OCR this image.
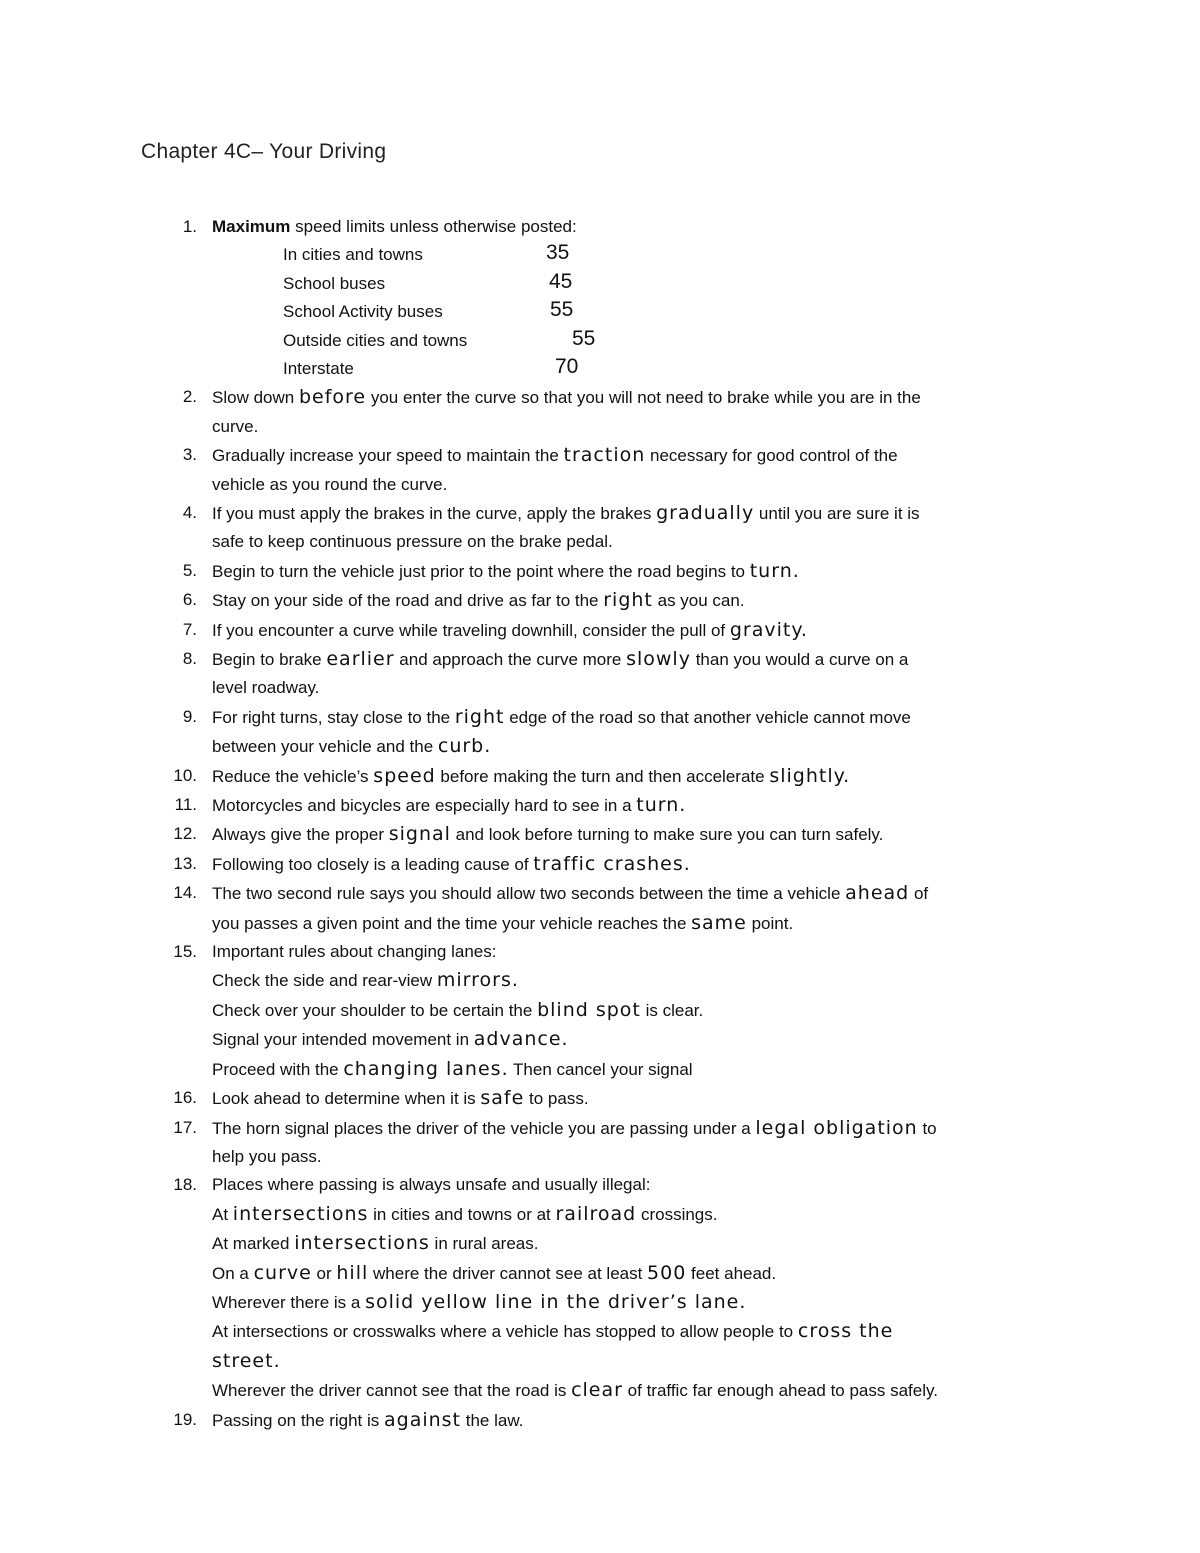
Chapter 4C– Your Driving
1. Maximum speed limits unless otherwise posted:
In cities and towns	35
School buses	45
School Activity buses	55
Outside cities and towns	55
Interstate	70
2. Slow down before you enter the curve so that you will not need to brake while you are in the
curve.
3. Gradually increase your speed to maintain the traction necessary for good control of the
vehicle as you round the curve.
4. If you must apply the brakes in the curve, apply the brakes gradually until you are sure it is
safe to keep continuous pressure on the brake pedal.
5. Begin to turn the vehicle just prior to the point where the road begins to turn.
6. Stay on your side of the road and drive as far to the right as you can.
7. If you encounter a curve while traveling downhill, consider the pull of gravity.
8. Begin to brake earlier and approach the curve more slowly than you would a curve on a
level roadway.
9. For right turns, stay close to the right edge of the road so that another vehicle cannot move
between your vehicle and the curb.
10. Reduce the vehicle’s speed before making the turn and then accelerate slightly.
11. Motorcycles and bicycles are especially hard to see in a turn.
12. Always give the proper signal and look before turning to make sure you can turn safely.
13. Following too closely is a leading cause of traffic crashes.
14. The two second rule says you should allow two seconds between the time a vehicle ahead of
you passes a given point and the time your vehicle reaches the same point.
15. Important rules about changing lanes:
Check the side and rear-view mirrors.
Check over your shoulder to be certain the blind spot is clear.
Signal your intended movement in advance.
Proceed with the changing lanes. Then cancel your signal
16. Look ahead to determine when it is safe to pass.
17. The horn signal places the driver of the vehicle you are passing under a legal obligation to
help you pass.
18. Places where passing is always unsafe and usually illegal:
At intersections in cities and towns or at railroad crossings.
At marked intersections in rural areas.
On a curve or hill where the driver cannot see at least 500 feet ahead.
Wherever there is a solid yellow line in the driver’s lane.
At intersections or crosswalks where a vehicle has stopped to allow people to cross the
street.
Wherever the driver cannot see that the road is clear of traffic far enough ahead to pass safely.
19. Passing on the right is against the law.
